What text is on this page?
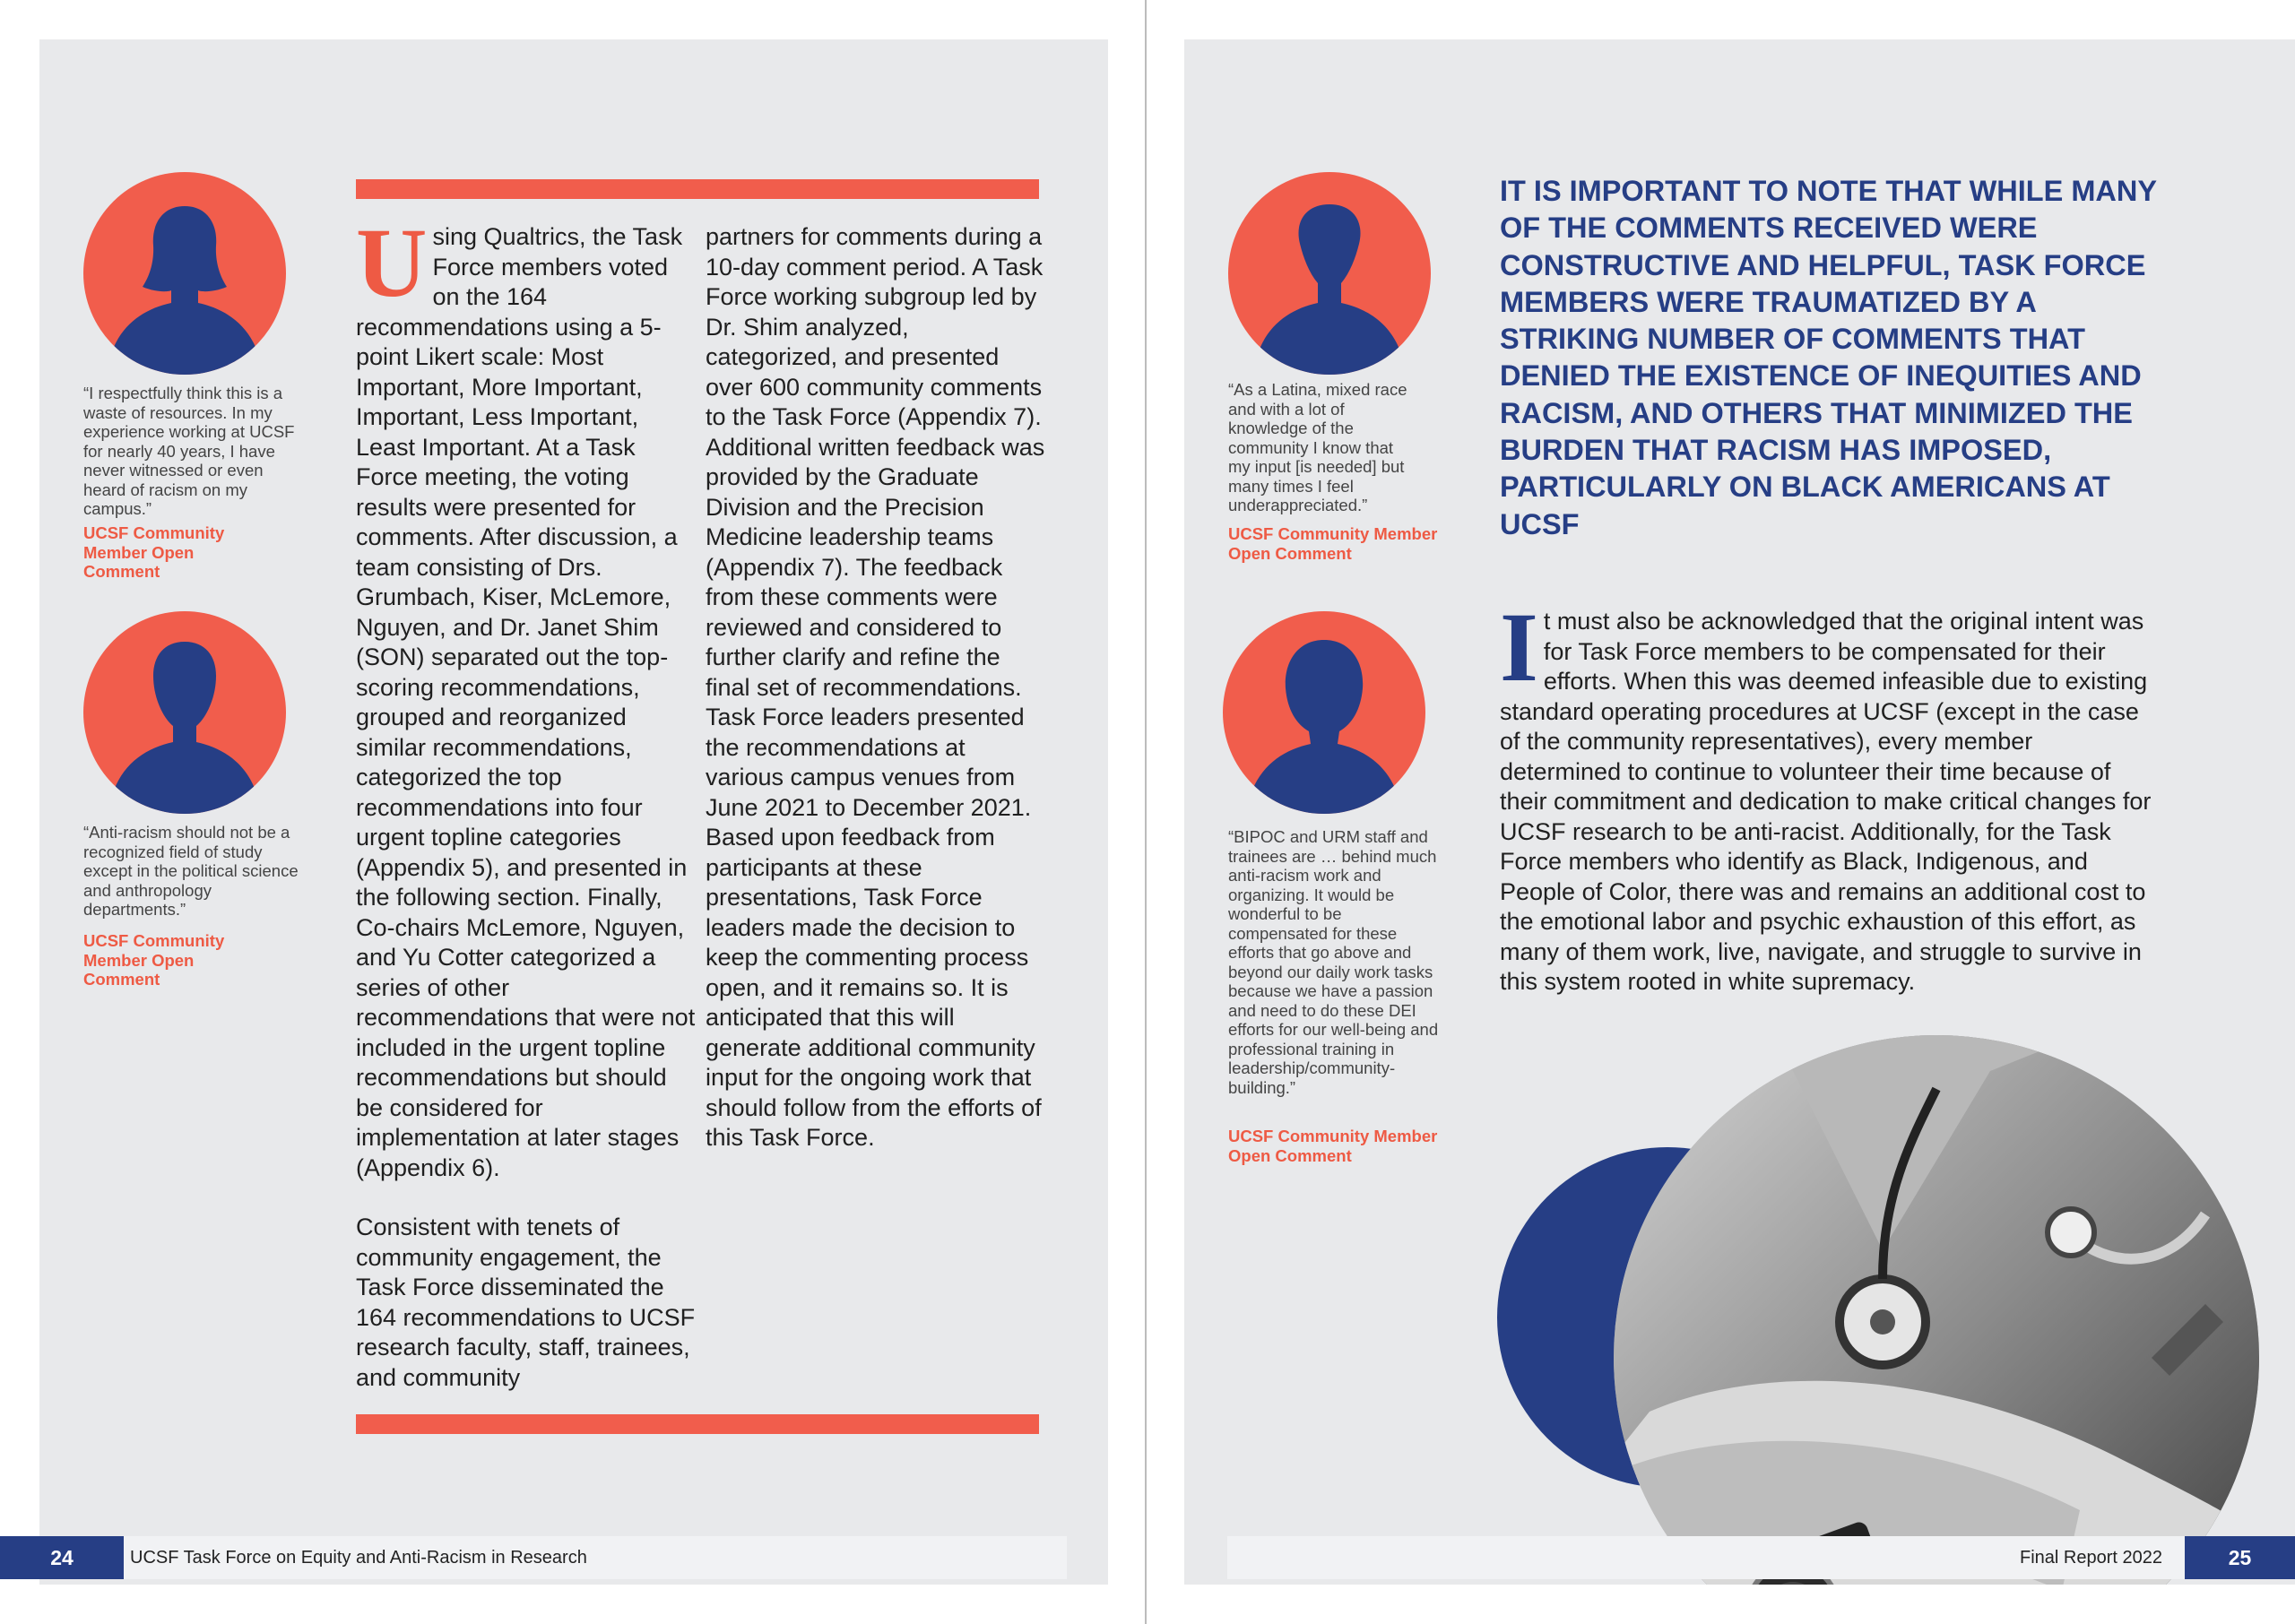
“I respectfully think this is a waste of resources. In my experience working at UCSF for nearly 40 years, I have never witnessed or even heard of racism on my campus.”
UCSF Community Member Open Comment
“Anti-racism should not be a recognized field of study except in the political science and anthropology departments.”
UCSF Community Member Open Comment
Using Qualtrics, the Task Force members voted on the 164 recommendations using a 5-point Likert scale: Most Important, More Important, Important, Less Important, Least Important. At a Task Force meeting, the voting results were presented for comments. After discussion, a team consisting of Drs. Grumbach, Kiser, McLemore, Nguyen, and Dr. Janet Shim (SON) separated out the top-scoring recommendations, grouped and reorganized similar recommendations, categorized the top recommendations into four urgent topline categories (Appendix 5), and presented in the following section. Finally, Co-chairs McLemore, Nguyen, and Yu Cotter categorized a series of other recommendations that were not included in the urgent topline recommendations but should be considered for implementation at later stages (Appendix 6).
Consistent with tenets of community engagement, the Task Force disseminated the 164 recommendations to UCSF research faculty, staff, trainees, and community
partners for comments during a 10-day comment period. A Task Force working subgroup led by Dr. Shim analyzed, categorized, and presented over 600 community comments to the Task Force (Appendix 7). Additional written feedback was provided by the Graduate Division and the Precision Medicine leadership teams (Appendix 7). The feedback from these comments were reviewed and considered to further clarify and refine the final set of recommendations. Task Force leaders presented the recommendations at various campus venues from June 2021 to December 2021. Based upon feedback from participants at these presentations, Task Force leaders made the decision to keep the commenting process open, and it remains so. It is anticipated that this will generate additional community input for the ongoing work that should follow from the efforts of this Task Force.
24	UCSF Task Force on Equity and Anti-Racism in Research
“As a Latina, mixed race and with a lot of knowledge of the community I know that my input [is needed] but many times I feel underappreciated.”
UCSF Community Member Open Comment
“BIPOC and URM staff and trainees are … behind much anti-racism work and organizing. It would be wonderful to be compensated for these efforts that go above and beyond our daily work tasks because we have a passion and need to do these DEI efforts for our well-being and professional training in leadership/community-building.”
UCSF Community Member Open Comment
IT IS IMPORTANT TO NOTE THAT WHILE MANY OF THE COMMENTS RECEIVED WERE CONSTRUCTIVE AND HELPFUL, TASK FORCE MEMBERS WERE TRAUMATIZED BY A STRIKING NUMBER OF COMMENTS THAT DENIED THE EXISTENCE OF INEQUITIES AND RACISM, AND OTHERS THAT MINIMIZED THE BURDEN THAT RACISM HAS IMPOSED, PARTICULARLY ON BLACK AMERICANS AT UCSF
It must also be acknowledged that the original intent was for Task Force members to be compensated for their efforts. When this was deemed infeasible due to existing standard operating procedures at UCSF (except in the case of the community representatives), every member determined to continue to volunteer their time because of their commitment and dedication to make critical changes for UCSF research to be anti-racist. Additionally, for the Task Force members who identify as Black, Indigenous, and People of Color, there was and remains an additional cost to the emotional labor and psychic exhaustion of this effort, as many of them work, live, navigate, and struggle to survive in this system rooted in white supremacy.
25
Final Report 2022
